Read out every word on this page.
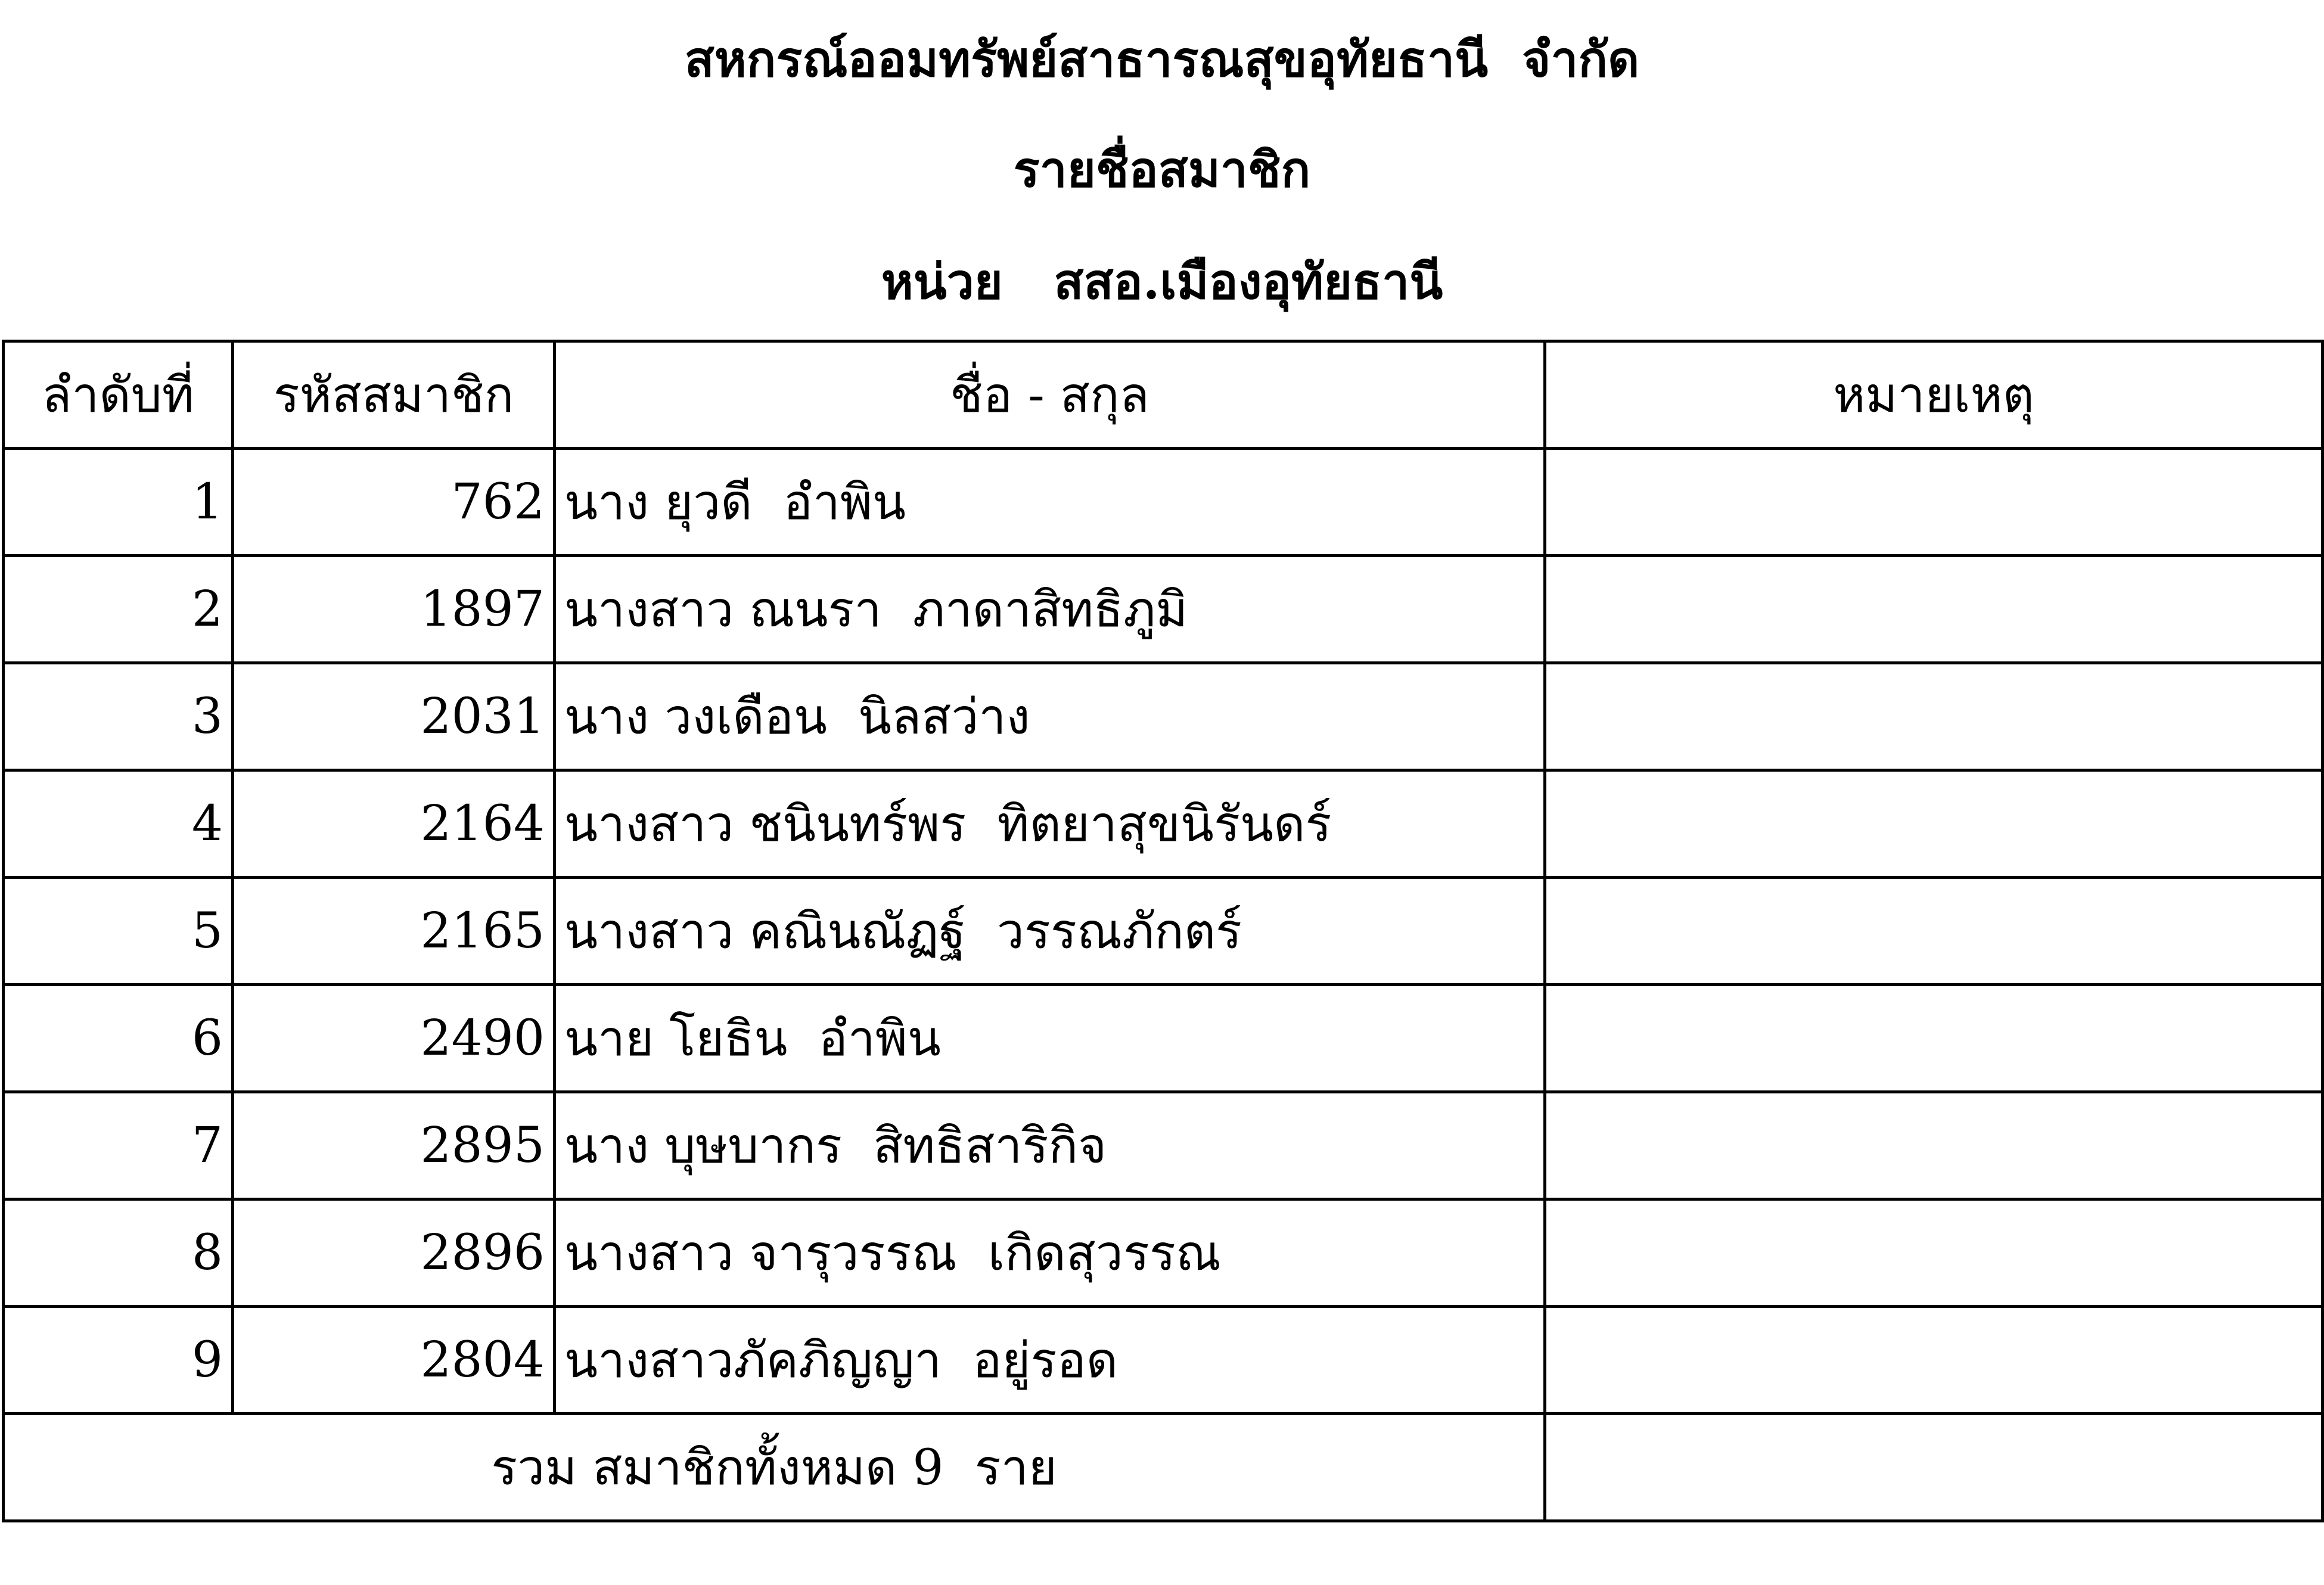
สหกรณ์ออมทรัพย์สาธารณสุขอุทัยธานี  จำกัด
รายชื่อสมาชิก
หน่วย   สสอ.เมืองอุทัยธานี
ลำดับที่	รหัสสมาชิก	ชื่อ - สกุล	หมายเหตุ
1	762	นาง ยุวดี  อำพิน	
2	1897	นางสาว ณนรา  ภาดาสิทธิภูมิ	
3	2031	นาง วงเดือน  นิลสว่าง	
4	2164	นางสาว ชนินทร์พร  ทิตยาสุขนิรันดร์	
5	2165	นางสาว คณินณัฏฐ์  วรรณภักตร์	
6	2490	นาย โยธิน  อำพิน	
7	2895	นาง บุษบากร  สิทธิสาริกิจ	
8	2896	นางสาว จารุวรรณ  เกิดสุวรรณ	
9	2804	นางสาวภัคภิญญา  อยู่รอด	
รวม สมาชิกทั้งหมด 9  ราย			
